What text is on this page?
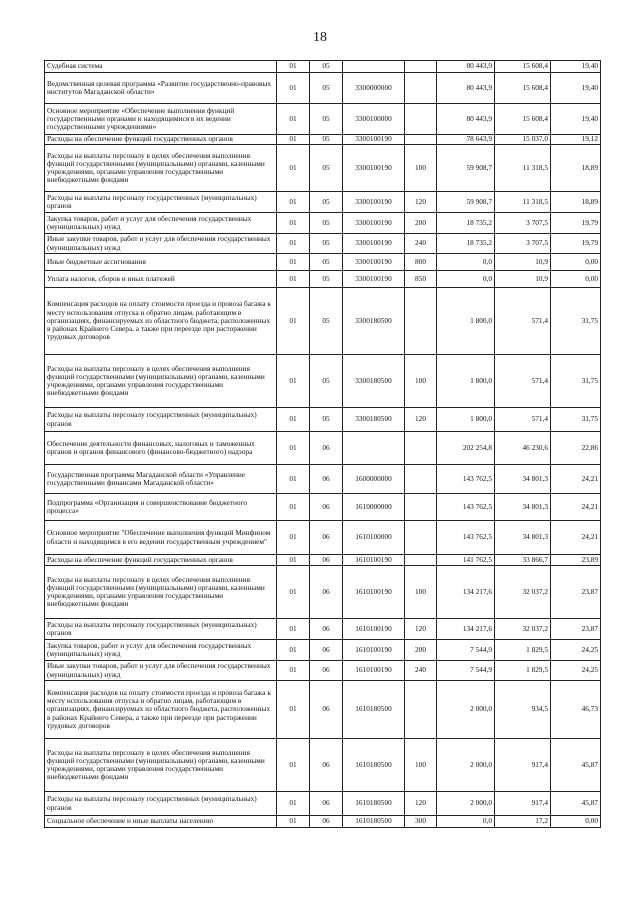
18
Судебная система	01	05			80 443,9	15 608,4	19,40
Ведомственная целевая программа «Развитие государственно-правовых институтов Магаданской области»	01	05	3300000000		80 443,9	15 608,4	19,40
Основное мероприятие «Обеспечение выполнения функций государственными органами и находящимися в их ведении государственными учреждениями»	01	05	3300100000		80 443,9	15 608,4	19,40
Расходы на обеспечение функций государственных органов	01	05	3300100190		78 643,9	15 037,0	19,12
Расходы на выплаты персоналу в целях обеспечения выполнения функций государственными (муниципальными) органами, казенными учреждениями, органами управления государственными внебюджетными фондами	01	05	3300100190	100	59 908,7	11 318,5	18,89
Расходы на выплаты персоналу государственных (муниципальных) органов	01	05	3300100190	120	59 908,7	11 318,5	18,89
Закупка товаров, работ и услуг для обеспечения государственных (муниципальных) нужд	01	05	3300100190	200	18 735,2	3 707,5	19,79
Иные закупки товаров, работ и услуг для обеспечения государственных (муниципальных) нужд	01	05	3300100190	240	18 735,2	3 707,5	19,79
Иные бюджетные ассигнования	01	05	3300100190	800	0,0	10,9	0,00
Уплата налогов, сборов и иных платежей	01	05	3300100190	850	0,0	10,9	0,00
Компенсация расходов на оплату стоимости проезда и провоза багажа к месту использования отпуска и обратно лицам, работающим в организациях, финансируемых из областного бюджета, расположенных в районах Крайнего Севера, а также при переезде при расторжении трудовых договоров	01	05	3300180500		1 800,0	571,4	31,75
Расходы на выплаты персоналу в целях обеспечения выполнения функций государственными (муниципальными) органами, казенными учреждениями, органами управления государственными внебюджетными фондами	01	05	3300180500	100	1 800,0	571,4	31,75
Расходы на выплаты персоналу государственных (муниципальных) органов	01	05	3300180500	120	1 800,0	571,4	31,75
Обеспечение деятельности финансовых, налоговых и таможенных органов и органов финансового (финансово-бюджетного) надзора	01	06			202 254,8	46 230,6	22,86
Государственная программа Магаданской области «Управление государственными финансами Магаданской области»	01	06	1600000000		143 762,5	34 801,3	24,21
Подпрограмма «Организация и совершенствование бюджетного процесса»	01	06	1610000000		143 762,5	34 801,3	24,21
Основное мероприятие "Обеспечение выполнения функций Минфином области и находящимся в его ведении государственным учреждением"	01	06	1610100000		143 762,5	34 801,3	24,21
Расходы на обеспечение функций государственных органов	01	06	1610100190		141 762,5	33 866,7	23,89
Расходы на выплаты персоналу в целях обеспечения выполнения функций государственными (муниципальными) органами, казенными учреждениями, органами управления государственными внебюджетными фондами	01	06	1610100190	100	134 217,6	32 037,2	23,87
Расходы на выплаты персоналу государственных (муниципальных) органов	01	06	1610100190	120	134 217,6	32 037,2	23,87
Закупка товаров, работ и услуг для обеспечения государственных (муниципальных) нужд	01	06	1610100190	200	7 544,9	1 829,5	24,25
Иные закупки товаров, работ и услуг для обеспечения государственных (муниципальных) нужд	01	06	1610100190	240	7 544,9	1 829,5	24,25
Компенсация расходов на оплату стоимости проезда и провоза багажа к месту использования отпуска и обратно лицам, работающим в организациях, финансируемых из областного бюджета, расположенных в районах Крайнего Севера, а также при переезде при расторжении трудовых договоров	01	06	1610180500		2 000,0	934,5	46,73
Расходы на выплаты персоналу в целях обеспечения выполнения функций государственными (муниципальными) органами, казенными учреждениями, органами управления государственными внебюджетными фондами	01	06	1610180500	100	2 000,0	917,4	45,87
Расходы на выплаты персоналу государственных (муниципальных) органов	01	06	1610180500	120	2 000,0	917,4	45,87
Социальное обеспечение и иные выплаты населению	01	06	1610180500	300	0,0	17,2	0,00
